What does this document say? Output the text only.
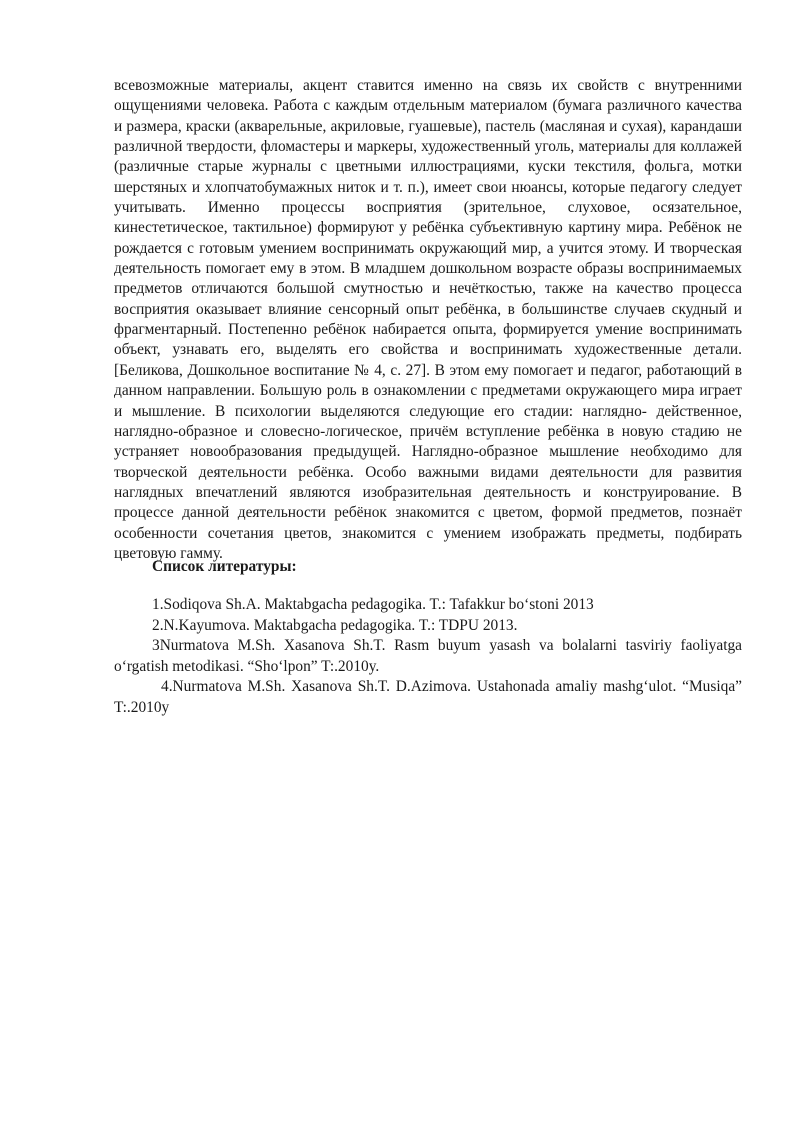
всевозможные материалы, акцент ставится именно на связь их свойств с внутренними ощущениями человека. Работа с каждым отдельным материалом (бумага различного качества и размера, краски (акварельные, акриловые, гуашевые), пастель (масляная и сухая), карандаши различной твердости, фломастеры и маркеры, художественный уголь, материалы для коллажей (различные старые журналы с цветными иллюстрациями, куски текстиля, фольга, мотки шерстяных и хлопчатобумажных ниток и т. п.), имеет свои нюансы, которые педагогу следует учитывать. Именно процессы восприятия (зрительное, слуховое, осязательное, кинестетическое, тактильное) формируют у ребёнка субъективную картину мира. Ребёнок не рождается с готовым умением воспринимать окружающий мир, а учится этому. И творческая деятельность помогает ему в этом. В младшем дошкольном возрасте образы воспринимаемых предметов отличаются большой смутностью и нечёткостью, также на качество процесса восприятия оказывает влияние сенсорный опыт ребёнка, в большинстве случаев скудный и фрагментарный. Постепенно ребёнок набирается опыта, формируется умение воспринимать объект, узнавать его, выделять его свойства и воспринимать художественные детали. [Беликова, Дошкольное воспитание № 4, с. 27]. В этом ему помогает и педагог, работающий в данном направлении. Большую роль в ознакомлении с предметами окружающего мира играет и мышление. В психологии выделяются следующие его стадии: наглядно- действенное, наглядно-образное и словесно-логическое, причём вступление ребёнка в новую стадию не устраняет новообразования предыдущей. Наглядно-образное мышление необходимо для творческой деятельности ребёнка. Особо важными видами деятельности для развития наглядных впечатлений являются изобразительная деятельность и конструирование. В процессе данной деятельности ребёнок знакомится с цветом, формой предметов, познаёт особенности сочетания цветов, знакомится с умением изображать предметы, подбирать цветовую гамму.

Список литературы:

1.Sodiqova Sh.A. Maktabgacha pedagogika. T.: Tafakkur boʻstoni 2013
2.N.Kayumova. Maktabgacha pedagogika. T.: TDPU 2013.
3Nurmatova M.Sh. Xasanova Sh.T. Rasm buyum yasash va bolalarni tasviriy faoliyatga oʻrgatish metodikasi. “Shoʻlpon” T:.2010y.
4.Nurmatova M.Sh. Xasanova Sh.T. D.Azimova. Ustahonada amaliy mashgʻulot. “Musiqa” T:.2010y
